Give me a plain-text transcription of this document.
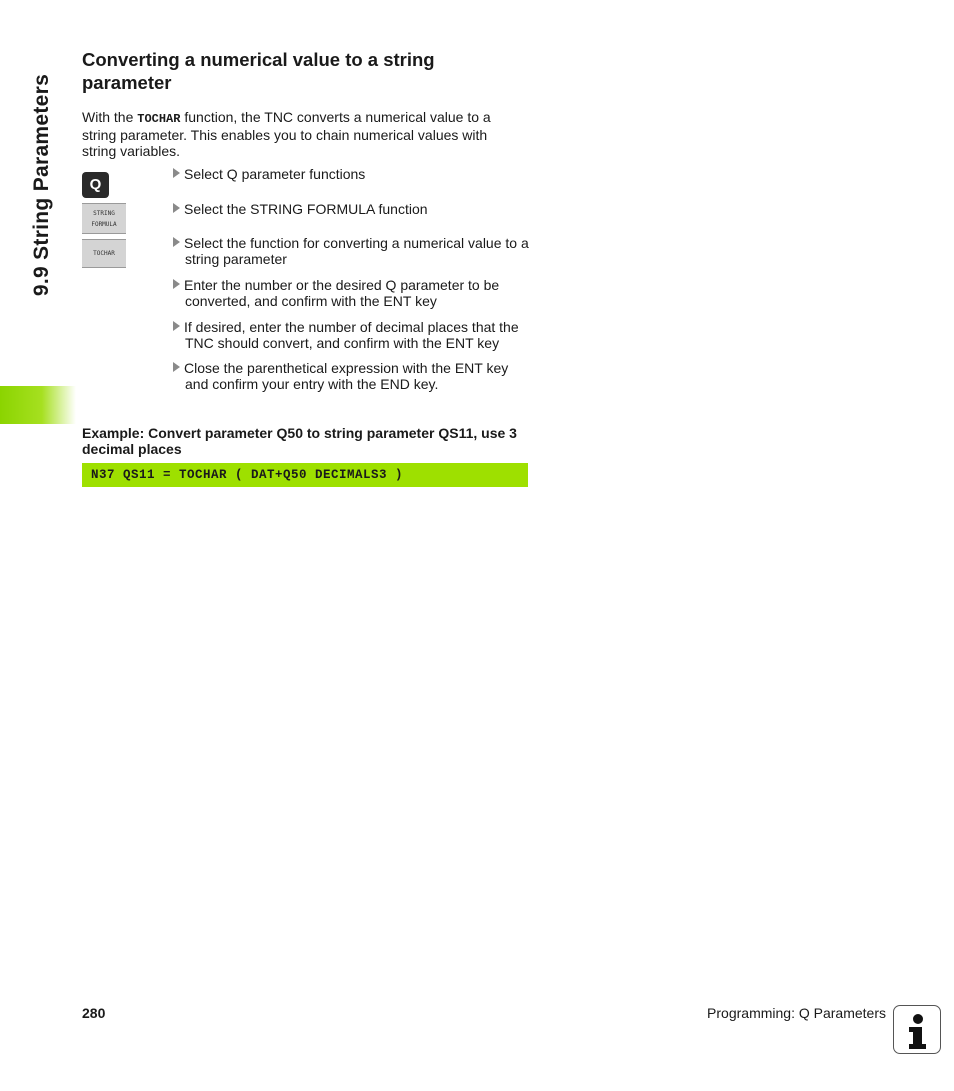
9.9 String Parameters
Converting a numerical value to a string parameter

With the TOCHAR function, the TNC converts a numerical value to a string parameter. This enables you to chain numerical values with string variables.

Q
STRING
FORMULA
TOCHAR
Select Q parameter functions
Select the STRING FORMULA function
Select the function for converting a numerical value to a string parameter
Enter the number or the desired Q parameter to be converted, and confirm with the ENT key
If desired, enter the number of decimal places that the TNC should convert, and confirm with the ENT key
Close the parenthetical expression with the ENT key and confirm your entry with the END key.

Example: Convert parameter Q50 to string parameter QS11, use 3 decimal places

N37 QS11 = TOCHAR ( DAT+Q50 DECIMALS3 )
280	Programming: Q Parameters
